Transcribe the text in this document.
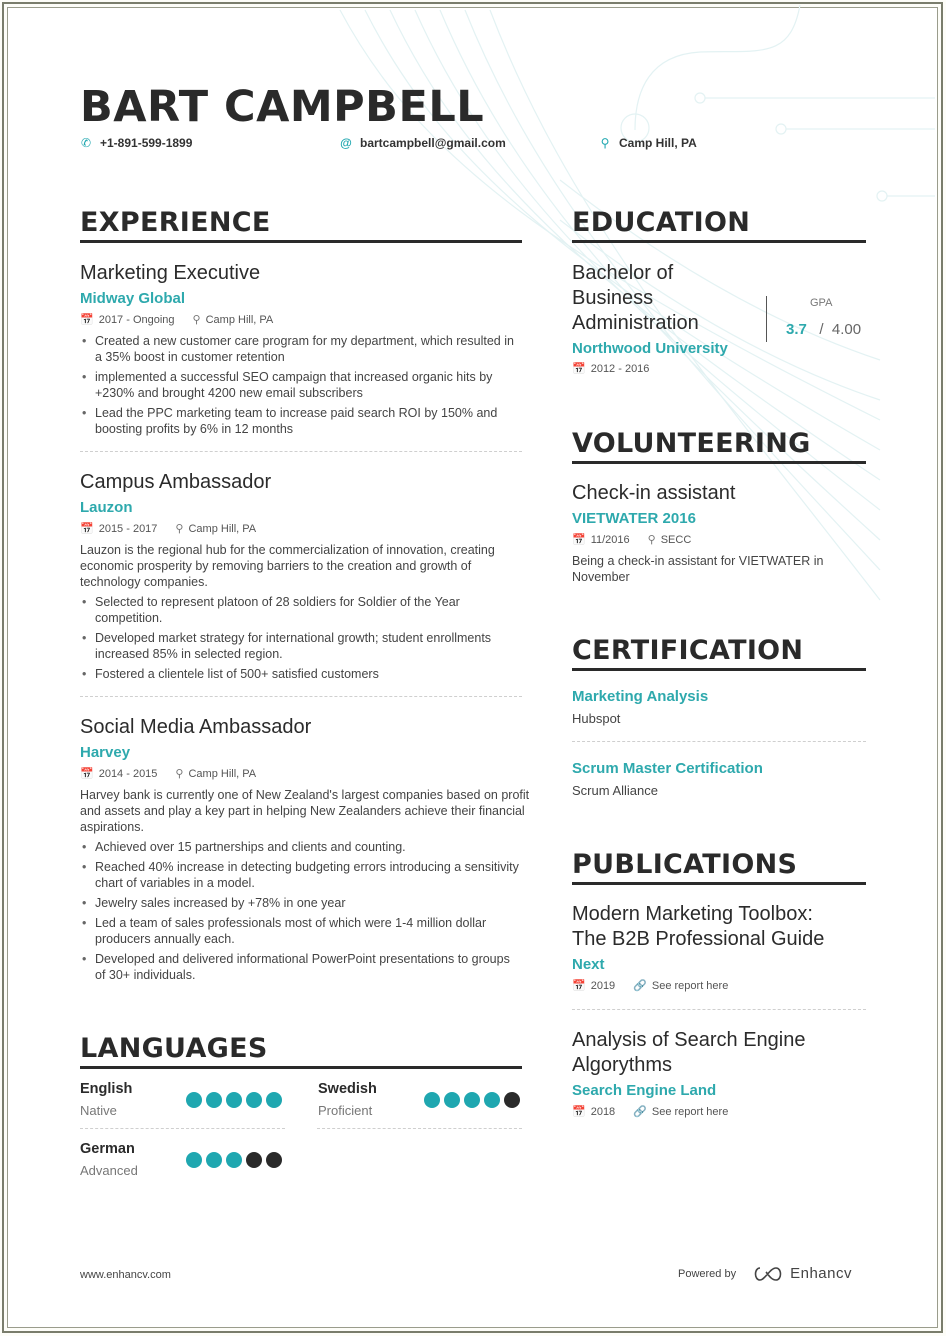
BART CAMPBELL
✆ +1-891-599-1899	@ bartcampbell@gmail.com	⚲ Camp Hill, PA
EXPERIENCE
Marketing Executive
Midway Global
📅 2017 - Ongoing ⚲ Camp Hill, PA
• Created a new customer care program for my department, which resulted in a 35% boost in customer retention
• implemented a successful SEO campaign that increased organic hits by +230% and brought 4200 new email subscribers
• Lead the PPC marketing team to increase paid search ROI by 150% and boosting profits by 6% in 12 months
Campus Ambassador
Lauzon
📅 2015 - 2017 ⚲ Camp Hill, PA
Lauzon is the regional hub for the commercialization of innovation, creating economic prosperity by removing barriers to the creation and growth of technology companies.
• Selected to represent platoon of 28 soldiers for Soldier of the Year competition.
• Developed market strategy for international growth; student enrollments increased 85% in selected region.
• Fostered a clientele list of 500+ satisfied customers
Social Media Ambassador
Harvey
📅 2014 - 2015 ⚲ Camp Hill, PA
Harvey bank is currently one of New Zealand's largest companies based on profit and assets and play a key part in helping New Zealanders achieve their financial aspirations.
• Achieved over 15 partnerships and clients and counting.
• Reached 40% increase in detecting budgeting errors introducing a sensitivity chart of variables in a model.
• Jewelry sales increased by +78% in one year
• Led a team of sales professionals most of which were 1-4 million dollar producers annually each.
• Developed and delivered informational PowerPoint presentations to groups of 30+ individuals.
LANGUAGES
English
Native
Swedish
Proficient
German
Advanced
EDUCATION
Bachelor of
Business
Administration
Northwood University
📅 2012 - 2016
GPA
3.7 / 4.00
VOLUNTEERING
Check-in assistant
VIETWATER 2016
📅 11/2016 ⚲ SECC
Being a check-in assistant for VIETWATER in November
CERTIFICATION
Marketing Analysis
Hubspot
Scrum Master Certification
Scrum Alliance
PUBLICATIONS
Modern Marketing Toolbox:
The B2B Professional Guide
Next
📅 2019 🔗 See report here
Analysis of Search Engine
Algorythms
Search Engine Land
📅 2018 🔗 See report here
www.enhancv.com	Powered by	Enhancv
